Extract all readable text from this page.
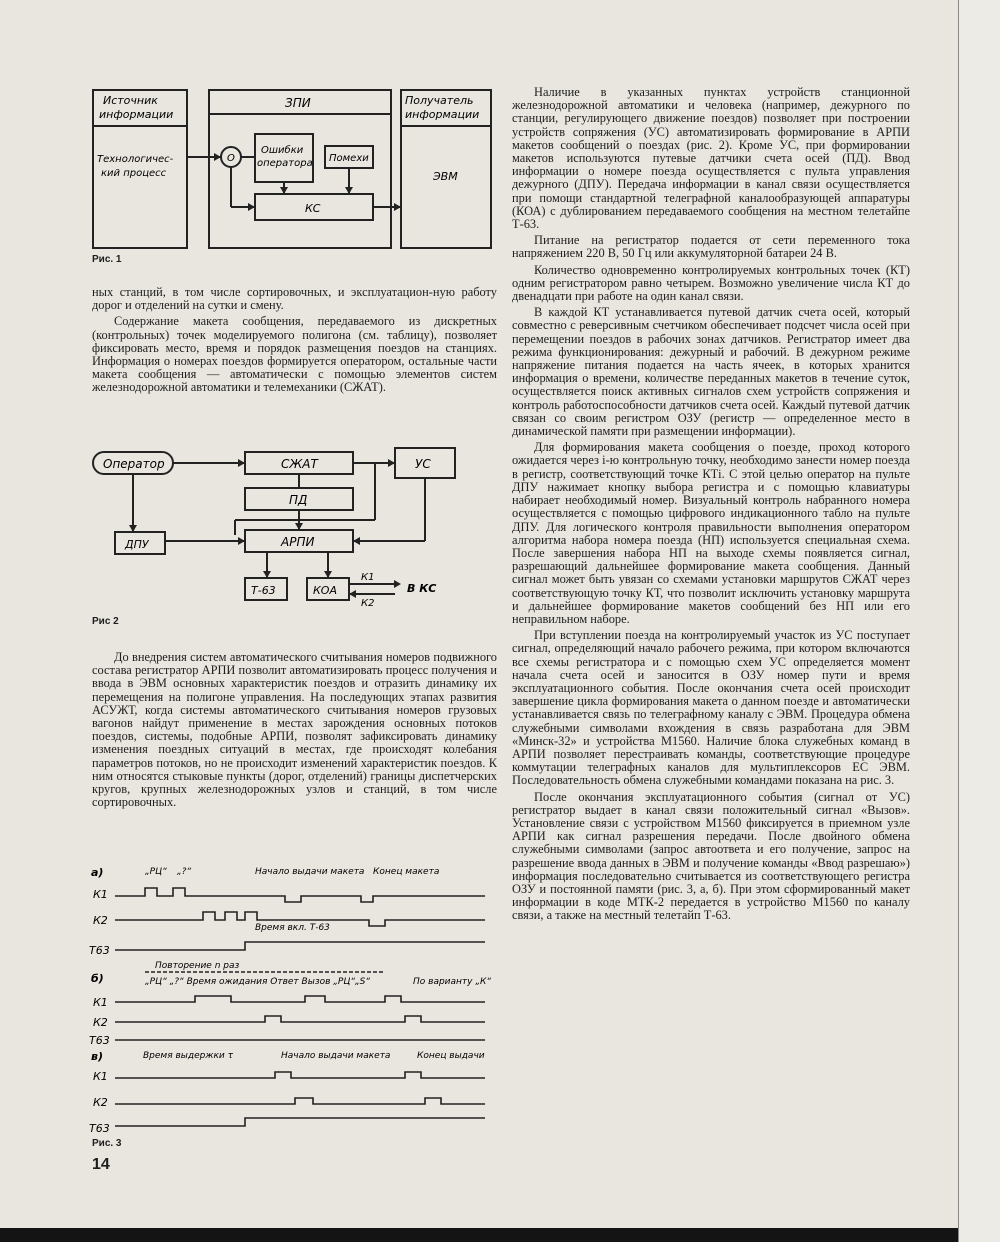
Источник
информации
Технологичес-
кий процесс
ЗПИ
О
Ошибки
оператора Помехи
КС
Получатель
информации
ЭВМ
Рис. 1

ных станций, в том числе сортировочных, и эксплуатацион-ную работу дорог и отделений на сутки и смену.

Содержание макета сообщения, передаваемого из дискретных (контрольных) точек моделируемого полигона (см. таблицу), позволяет фиксировать место, время и порядок размещения поездов на станциях. Информация о номерах поездов формируется оператором, остальные части макета сообщения — автоматически с помощью элементов систем железнодорожной автоматики и телемеханики (СЖАТ).

Оператор	СЖАТ	УС
ПД
АРПИ
ДПУ
Т-63	КОА
К1
К2
В КС
Рис 2

До внедрения систем автоматического считывания номеров подвижного состава регистратор АРПИ позволит автоматизировать процесс получения и ввода в ЭВМ основных характеристик поездов и отразить динамику их перемещения на полигоне управления. На последующих этапах развития АСУЖТ, когда системы автоматического считывания номеров грузовых вагонов найдут применение в местах зарождения основных потоков поездов, системы, подобные АРПИ, позволят зафиксировать динамику изменения поездных ситуаций в местах, где происходят колебания параметров потоков, но не происходит изменений характеристик поездов. К ним относятся стыковые пункты (дорог, отделений) границы диспетчерских кругов, крупных железнодорожных узлов и станций, в том числе сортировочных.

а)
б)
в)
К1
К2
Т63
К1
К2
Т63
К1
К2
Т63
„РЦ“ „?“	Начало выдачи макета Конец макета
Время вкл. Т-63
Повторение n раз
„РЦ“ „?“ Время ожидания Ответ Вызов „РЦ“„S“	По варианту „К“
Время выдержки τ	Начало выдачи макета	Конец выдачи
Рис. 3
14

Наличие в указанных пунктах устройств станционной железнодорожной автоматики и человека (например, дежурного по станции, регулирующего движение поездов) позволяет при построении устройств сопряжения (УС) автоматизировать формирование в АРПИ макетов сообщений о поездах (рис. 2). Кроме УС, при формировании макетов используются путевые датчики счета осей (ПД). Ввод информации о номере поезда осуществляется с пульта управления дежурного (ДПУ). Передача информации в канал связи осуществляется при помощи стандартной телеграфной каналообразующей аппаратуры (КОА) с дублированием передаваемого сообщения на местном телетайпе Т-63.

Питание на регистратор подается от сети переменного тока напряжением 220 В, 50 Гц или аккумуляторной батареи 24 В.

Количество одновременно контролируемых контрольных точек (КТ) одним регистратором равно четырем. Возможно увеличение числа КТ до двенадцати при работе на один канал связи.

В каждой КТ устанавливается путевой датчик счета осей, который совместно с реверсивным счетчиком обеспечивает подсчет числа осей при перемещении поездов в рабочих зонах датчиков. Регистратор имеет два режима функционирования: дежурный и рабочий. В дежурном режиме напряжение питания подается на часть ячеек, в которых хранится информация о времени, количестве переданных макетов в течение суток, осуществляется поиск активных сигналов схем устройств сопряжения и контроль работоспособности датчиков счета осей. Каждый путевой датчик связан со своим регистром ОЗУ (регистр — определенное место в динамической памяти при размещении информации).

Для формирования макета сообщения о поезде, проход которого ожидается через i-ю контрольную точку, необходимо занести номер поезда в регистр, соответствующий точке КТi. С этой целью оператор на пульте ДПУ нажимает кнопку выбора регистра и с помощью клавиатуры набирает необходимый номер. Визуальный контроль набранного номера осуществляется с помощью цифрового индикационного табло на пульте ДПУ. Для логического контроля правильности выполнения оператором алгоритма набора номера поезда (НП) используется специальная схема. После завершения набора НП на выходе схемы появляется сигнал, разрешающий дальнейшее формирование макета сообщения. Данный сигнал может быть увязан со схемами установки маршрутов СЖАТ через соответствующую точку КТ, что позволит исключить установку маршрута и дальнейшее формирование макетов сообщений без НП или его неправильном наборе.

При вступлении поезда на контролируемый участок из УС поступает сигнал, определяющий начало рабочего режима, при котором включаются все схемы регистратора и с помощью схем УС определяется момент начала счета осей и заносится в ОЗУ номер пути и время эксплуатационного события. После окончания счета осей происходит завершение цикла формирования макета о данном поезде и автоматически устанавливается связь по телеграфному каналу с ЭВМ. Процедура обмена служебными символами вхождения в связь разработана для ЭВМ «Минск-32» и устройства М1560. Наличие блока служебных команд в АРПИ позволяет перестраивать команды, соответствующие процедуре коммутации телеграфных каналов для мультиплексоров ЕС ЭВМ. Последовательность обмена служебными командами показана на рис. 3.

После окончания эксплуатационного события (сигнал от УС) регистратор выдает в канал связи положительный сигнал «Вызов». Установление связи с устройством М1560 фиксируется в приемном узле АРПИ как сигнал разрешения передачи. После двойного обмена служебными символами (запрос автоответа и его получение, запрос на разрешение ввода данных в ЭВМ и получение команды «Ввод разрешаю») информация последовательно считывается из соответствующего регистра ОЗУ и постоянной памяти (рис. 3, а, б). При этом сформированный макет информации в коде МТК-2 передается в устройство М1560 по каналу связи, а также на местный телетайп Т-63.
